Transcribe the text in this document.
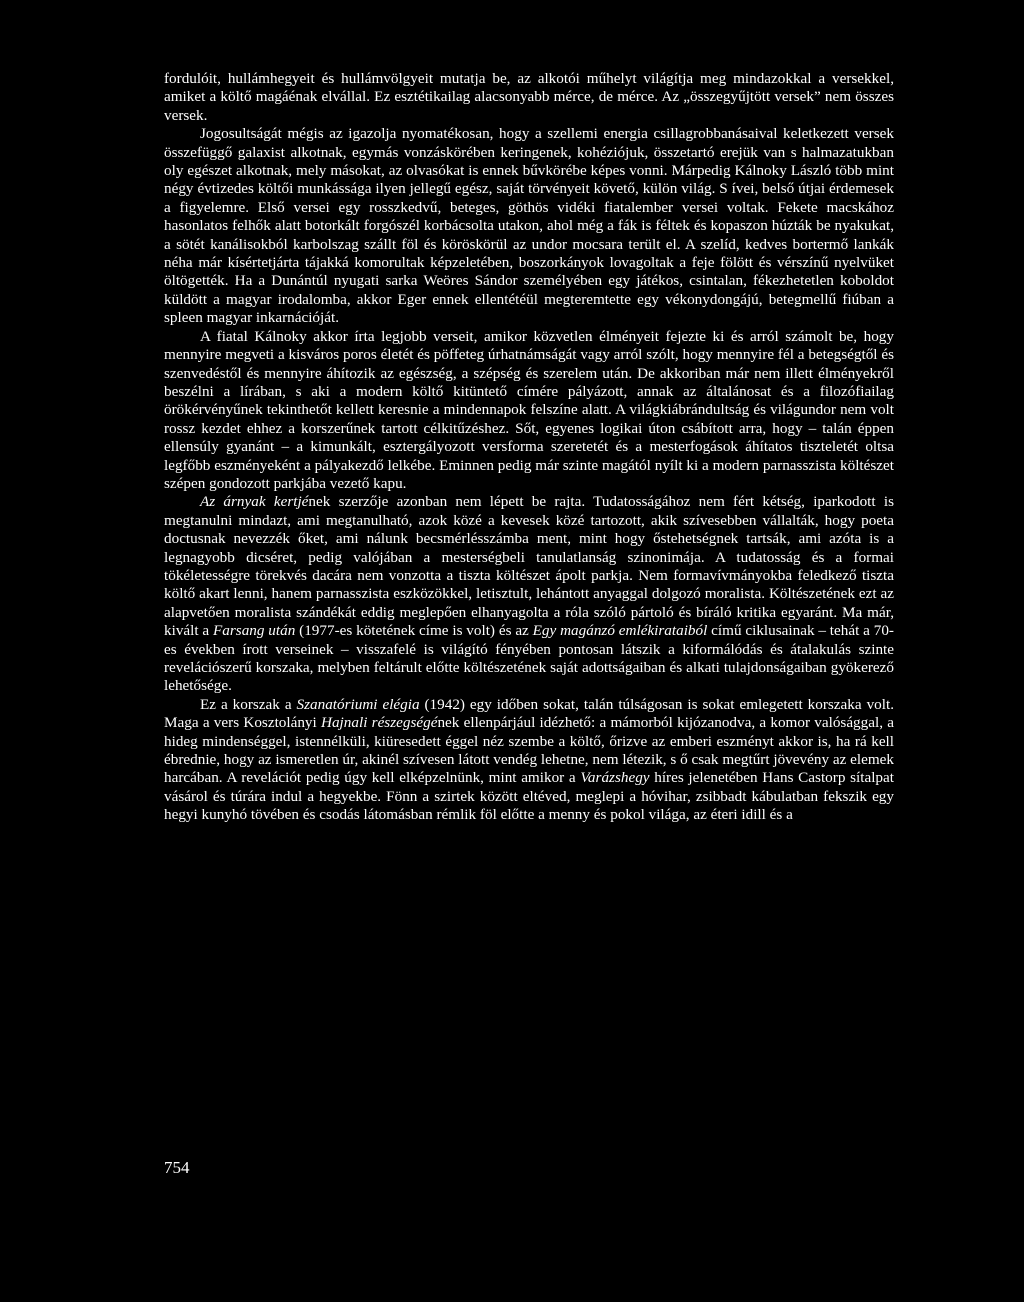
fordulóit, hullámhegyeit és hullámvölgyeit mutatja be, az alkotói műhelyt világítja meg mindazokkal a versekkel, amiket a költő magáénak elvállal. Ez esztétikailag alacsonyabb mérce, de mérce. Az „összegyűjtött versek” nem összes versek.

Jogosultságát mégis az igazolja nyomatékosan, hogy a szellemi energia csillagrobbanásaival keletkezett versek összefüggő galaxist alkotnak, egymás vonzáskörében keringenek, kohéziójuk, összetartó erejük van s halmazatukban oly egészet alkotnak, mely másokat, az olvasókat is ennek bűvkörébe képes vonni. Márpedig Kálnoky László több mint négy évtizedes költői munkássága ilyen jellegű egész, saját törvényeit követő, külön világ. S ívei, belső útjai érdemesek a figyelemre. Első versei egy rosszkedvű, beteges, göthös vidéki fiatalember versei voltak. Fekete macskához hasonlatos felhők alatt botorkált forgószél korbácsolta utakon, ahol még a fák is féltek és kopaszon húzták be nyakukat, a sötét kanálisokból karbolszag szállt föl és köröskörül az undor mocsara terült el. A szelíd, kedves bortermő lankák néha már kísértetjárta tájakká komorultak képzeletében, boszorkányok lovagoltak a feje fölött és vérszínű nyelvüket öltögették. Ha a Dunántúl nyugati sarka Weöres Sándor személyében egy játékos, csintalan, fékezhetetlen koboldot küldött a magyar irodalomba, akkor Eger ennek ellentétéül megteremtette egy vékonydongájú, betegmellű fiúban a spleen magyar inkarnációját.

A fiatal Kálnoky akkor írta legjobb verseit, amikor közvetlen élményeit fejezte ki és arról számolt be, hogy mennyire megveti a kisváros poros életét és pöffeteg úrhatnámságát vagy arról szólt, hogy mennyire fél a betegségtől és szenvedéstől és mennyire áhítozik az egészség, a szépség és szerelem után. De akkoriban már nem illett élményekről beszélni a lírában, s aki a modern költő kitüntető címére pályázott, annak az általánosat és a filozófiailag örökérvényűnek tekinthetőt kellett keresnie a mindennapok felszíne alatt. A világkiábrándultság és világundor nem volt rossz kezdet ehhez a korszerűnek tartott célkitűzéshez. Sőt, egyenes logikai úton csábított arra, hogy – talán éppen ellensúly gyanánt – a kimunkált, esztergályozott versforma szeretetét és a mesterfogások áhítatos tiszteletét oltsa legfőbb eszményeként a pályakezdő lelkébe. Eminnen pedig már szinte magától nyílt ki a modern parnasszista költészet szépen gondozott parkjába vezető kapu.

Az árnyak kertjének szerzője azonban nem lépett be rajta. Tudatosságához nem fért kétség, iparkodott is megtanulni mindazt, ami megtanulható, azok közé a kevesek közé tartozott, akik szívesebben vállalták, hogy poeta doctusnak nevezzék őket, ami nálunk becsmérlésszámba ment, mint hogy őstehetségnek tartsák, ami azóta is a legnagyobb dicséret, pedig valójában a mesterségbeli tanulatlanság szinonimája. A tudatosság és a formai tökéletességre törekvés dacára nem vonzotta a tiszta költészet ápolt parkja. Nem formavívmányokba feledkező tiszta költő akart lenni, hanem parnasszista eszközökkel, letisztult, lehántott anyaggal dolgozó moralista. Költészetének ezt az alapvetően moralista szándékát eddig meglepően elhanyagolta a róla szóló pártoló és bíráló kritika egyaránt. Ma már, kivált a Farsang után (1977-es kötetének címe is volt) és az Egy magánzó emlékirataiból című ciklusainak – tehát a 70-es években írott verseinek – visszafelé is világító fényében pontosan látszik a kiformálódás és átalakulás szinte revelációszerű korszaka, melyben feltárult előtte költészetének saját adottságaiban és alkati tulajdonságaiban gyökerező lehetősége.

Ez a korszak a Szanatóriumi elégia (1942) egy időben sokat, talán túlságosan is sokat emlegetett korszaka volt. Maga a vers Kosztolányi Hajnali részegségének ellenpárjául idézhető: a mámorból kijózanodva, a komor valósággal, a hideg mindenséggel, istennélküli, kiüresedett éggel néz szembe a költő, őrizve az emberi eszményt akkor is, ha rá kell ébrednie, hogy az ismeretlen úr, akinél szívesen látott vendég lehetne, nem létezik, s ő csak megtűrt jövevény az elemek harcában. A revelációt pedig úgy kell elképzelnünk, mint amikor a Varázshegy híres jelenetében Hans Castorp sítalpat vásárol és túrára indul a hegyekbe. Fönn a szirtek között eltéved, meglepi a hóvihar, zsibbadt kábulatban fekszik egy hegyi kunyhó tövében és csodás látomásban rémlik föl előtte a menny és pokol világa, az éteri idill és a

754
